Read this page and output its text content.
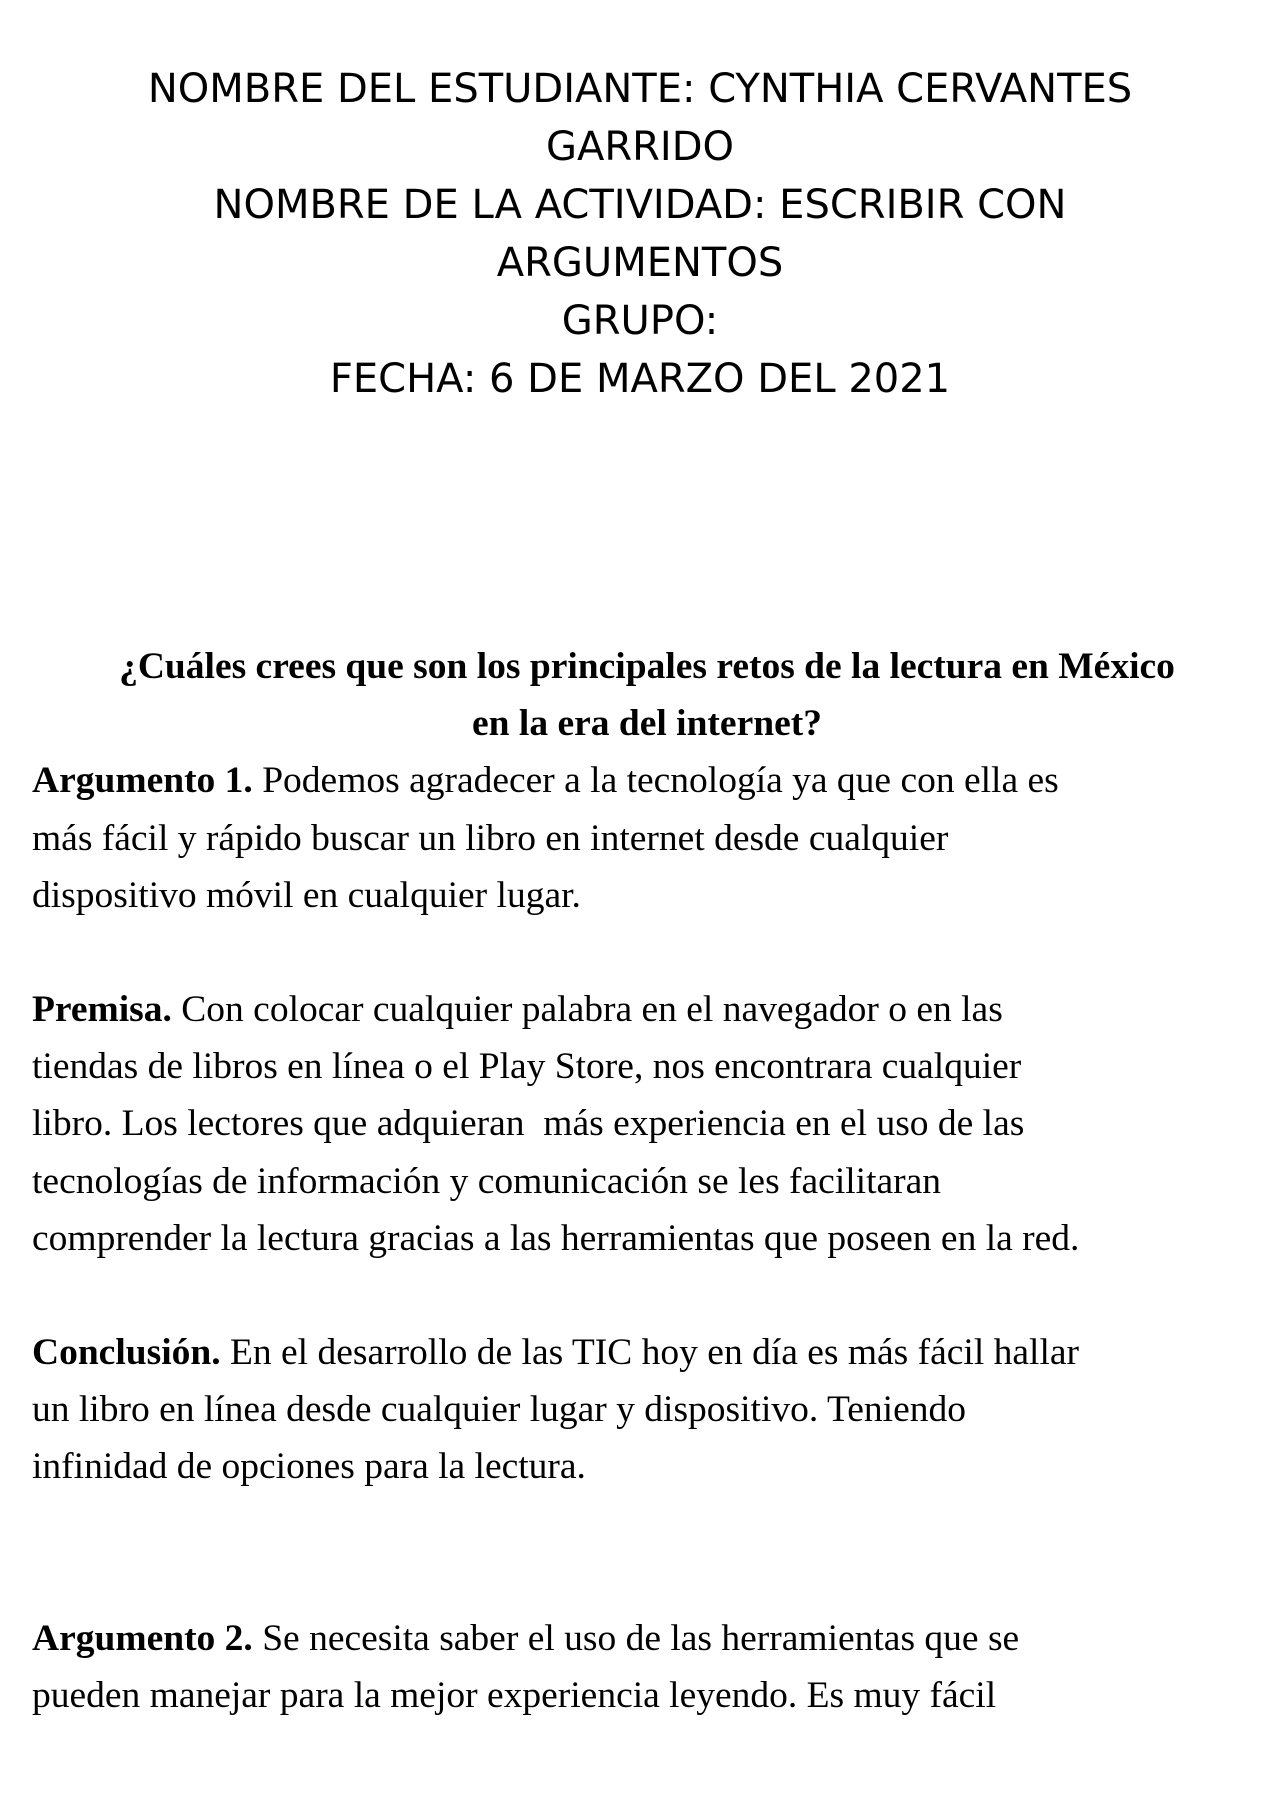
NOMBRE DEL ESTUDIANTE: CYNTHIA CERVANTES
GARRIDO
NOMBRE DE LA ACTIVIDAD: ESCRIBIR CON
ARGUMENTOS
GRUPO:
FECHA: 6 DE MARZO DEL 2021
¿Cuáles crees que son los principales retos de la lectura en México
en la era del internet?
Argumento 1. Podemos agradecer a la tecnología ya que con ella es
más fácil y rápido buscar un libro en internet desde cualquier
dispositivo móvil en cualquier lugar.
Premisa. Con colocar cualquier palabra en el navegador o en las
tiendas de libros en línea o el Play Store, nos encontrara cualquier
libro. Los lectores que adquieran  más experiencia en el uso de las
tecnologías de información y comunicación se les facilitaran
comprender la lectura gracias a las herramientas que poseen en la red.
Conclusión. En el desarrollo de las TIC hoy en día es más fácil hallar
un libro en línea desde cualquier lugar y dispositivo. Teniendo
infinidad de opciones para la lectura.
Argumento 2. Se necesita saber el uso de las herramientas que se
pueden manejar para la mejor experiencia leyendo. Es muy fácil
